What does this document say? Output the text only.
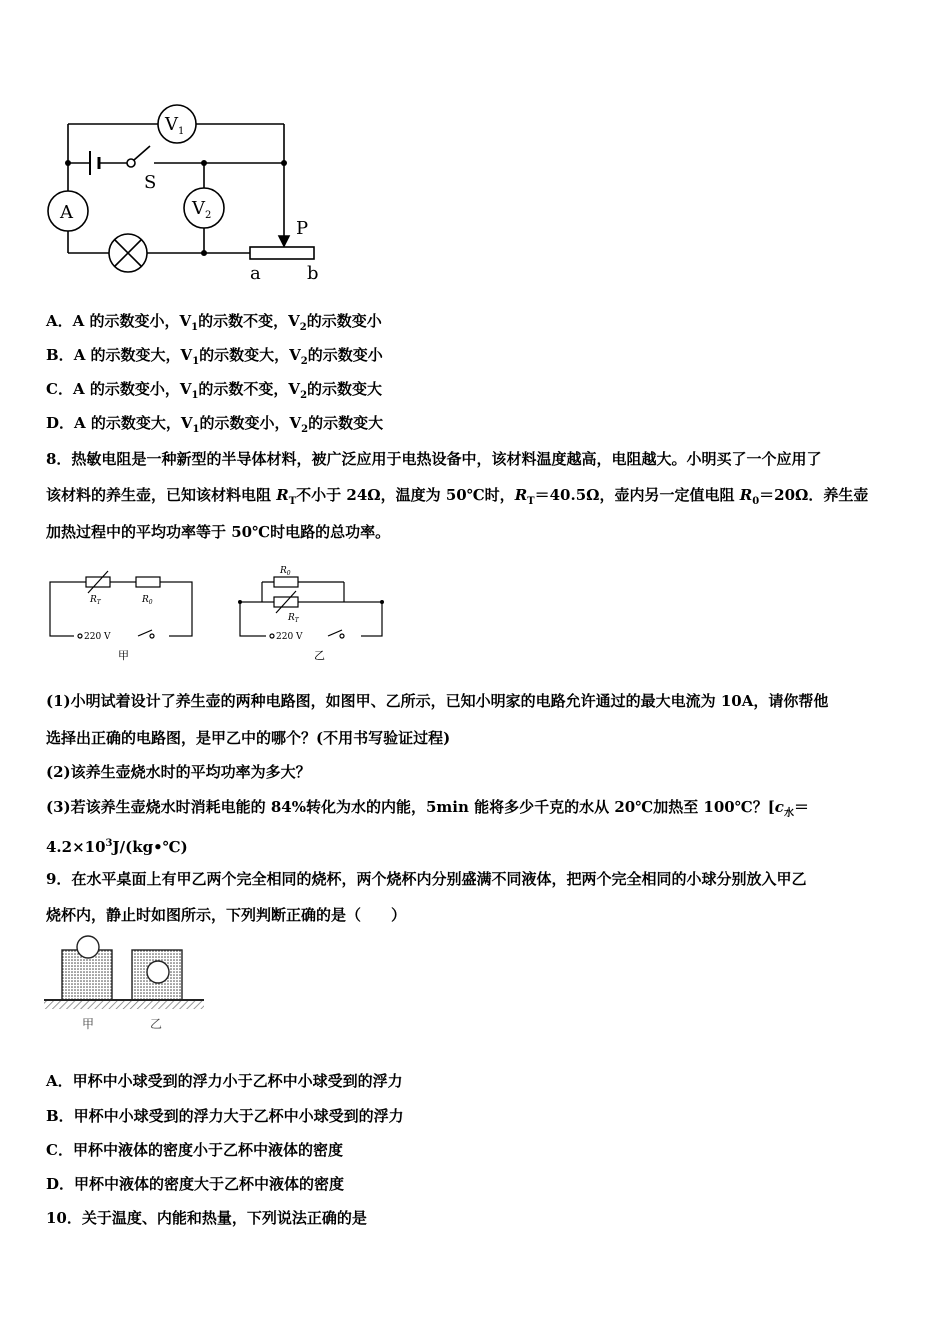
$V_1$
$V_2$
A
S
P
a	b
A．A 的示数变小，$V_1$的示数不变，$V_2$的示数变小
B．A 的示数变大，$V_1$的示数变大，$V_2$的示数变小
C．A 的示数变小，$V_1$的示数不变，$V_2$的示数变大
D．A 的示数变大，$V_1$的示数变小，$V_2$的示数变大
8．热敏电阻是一种新型的半导体材料，被广泛应用于电热设备中，该材料温度越高，电阻越大。小明买了一个应用了
该材料的养生壶，已知该材料电阻 $R_T$不小于 24Ω，温度为 50℃时，$R_T=40.5\Omega$，壶内另一定值电阻 $R_0=20\Omega$．养生壶
加热过程中的平均功率等于 50℃时电路的总功率。
$R_T$	$R_0$
220 V
甲
$R_0$
$R_T$
220 V
乙
(1)小明试着设计了养生壶的两种电路图，如图甲、乙所示，已知小明家的电路允许通过的最大电流为 10A，请你帮他
选择出正确的电路图，是甲乙中的哪个？(不用书写验证过程)
(2)该养生壶烧水时的平均功率为多大？
(3)若该养生壶烧水时消耗电能的 84%转化为水的内能，5min 能将多少千克的水从 20℃加热至 100℃？[$c_水=$
$4.2\times 10^3J/(kg•℃)$
9．在水平桌面上有甲乙两个完全相同的烧杯，两个烧杯内分别盛满不同液体，把两个完全相同的小球分别放入甲乙
烧杯内，静止时如图所示，下列判断正确的是（　　）
甲	乙
A．甲杯中小球受到的浮力小于乙杯中小球受到的浮力
B．甲杯中小球受到的浮力大于乙杯中小球受到的浮力
C．甲杯中液体的密度小于乙杯中液体的密度
D．甲杯中液体的密度大于乙杯中液体的密度
10．关于温度、内能和热量，下列说法正确的是
